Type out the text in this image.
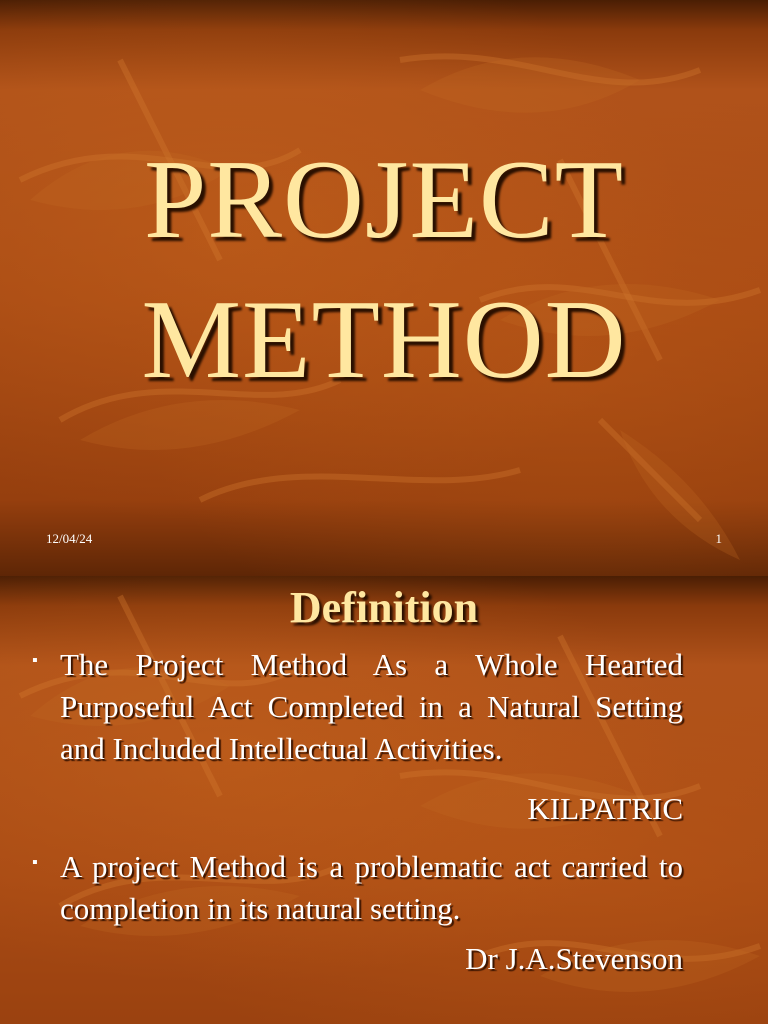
PROJECT
METHOD
12/04/24	1
Definition
▪ The Project Method As a Whole Hearted Purposeful Act Completed in a Natural Setting and Included Intellectual Activities.
KILPATRIC
▪ A project Method is a problematic act carried to completion in its natural setting.
Dr J.A.Stevenson
